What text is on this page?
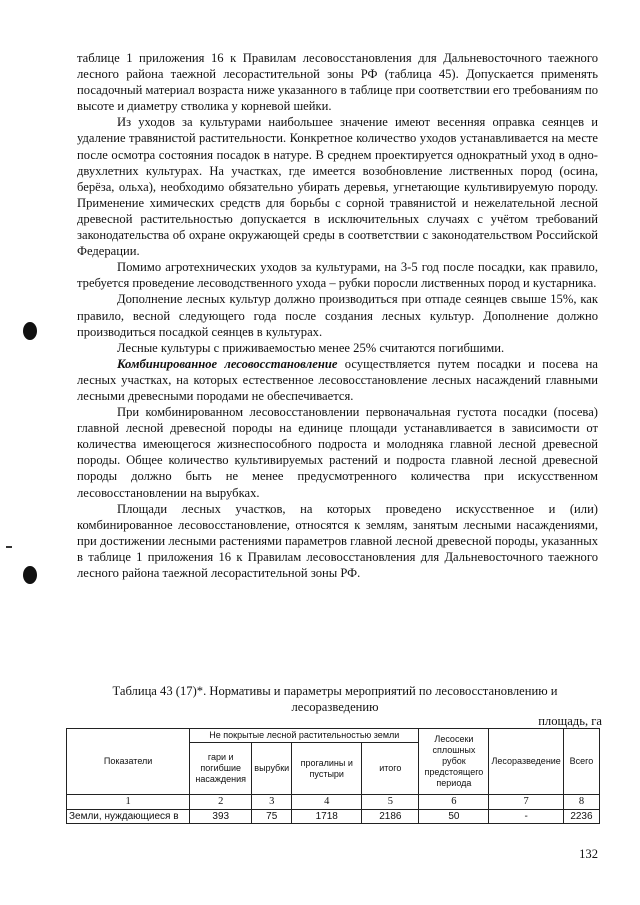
таблице 1 приложения 16 к Правилам лесовосстановления для Дальневосточного таежного лесного района таежной лесорастительной зоны РФ (таблица 45). Допускается применять посадочный материал возраста ниже указанного в таблице при соответствии его требованиям по высоте и диаметру стволика у корневой шейки.

Из уходов за культурами наибольшее значение имеют весенняя оправка сеянцев и удаление травянистой растительности. Конкретное количество уходов устанавливается на месте после осмотра состояния посадок в натуре. В среднем проектируется однократный уход в одно-двухлетних культурах. На участках, где имеется возобновление лиственных пород (осина, берёза, ольха), необходимо обязательно убирать деревья, угнетающие культивируемую породу. Применение химических средств для борьбы с сорной травянистой и нежелательной лесной древесной растительностью допускается в исключительных случаях с учётом требований законодательства об охране окружающей среды в соответствии с законодательством Российской Федерации.

Помимо агротехнических уходов за культурами, на 3-5 год после посадки, как правило, требуется проведение лесоводственного ухода – рубки поросли лиственных пород и кустарника.

Дополнение лесных культур должно производиться при отпаде сеянцев свыше 15%, как правило, весной следующего года после создания лесных культур. Дополнение должно производиться посадкой сеянцев в культурах.

Лесные культуры с приживаемостью менее 25% считаются погибшими.

Комбинированное лесовосстановление осуществляется путем посадки и посева на лесных участках, на которых естественное лесовосстановление лесных насаждений главными лесными древесными породами не обеспечивается.

При комбинированном лесовосстановлении первоначальная густота посадки (посева) главной лесной древесной породы на единице площади устанавливается в зависимости от количества имеющегося жизнеспособного подроста и молодняка главной лесной древесной породы. Общее количество культивируемых растений и подроста главной лесной древесной породы должно быть не менее предусмотренного количества при искусственном лесовосстановлении на вырубках.

Площади лесных участков, на которых проведено искусственное и (или) комбинированное лесовосстановление, относятся к землям, занятым лесными насаждениями, при достижении лесными растениями параметров главной лесной древесной породы, указанных в таблице 1 приложения 16 к Правилам лесовосстановления для Дальневосточного таежного лесного района таежной лесорастительной зоны РФ.

Таблица 43 (17)*. Нормативы и параметры мероприятий по лесовосстановлению и лесоразведению
площадь, га
Показатели	Не покрытые лесной растительностью земли				Лесосеки сплошных рубок предстоящего периода	Лесоразведение	Всего
	гари и погибшие насаждения	вырубки	прогалины и пустыри	итого			
1	2	3	4	5	6	7	8
Земли, нуждающиеся в	393	75	1718	2186	50	-	2236
132
